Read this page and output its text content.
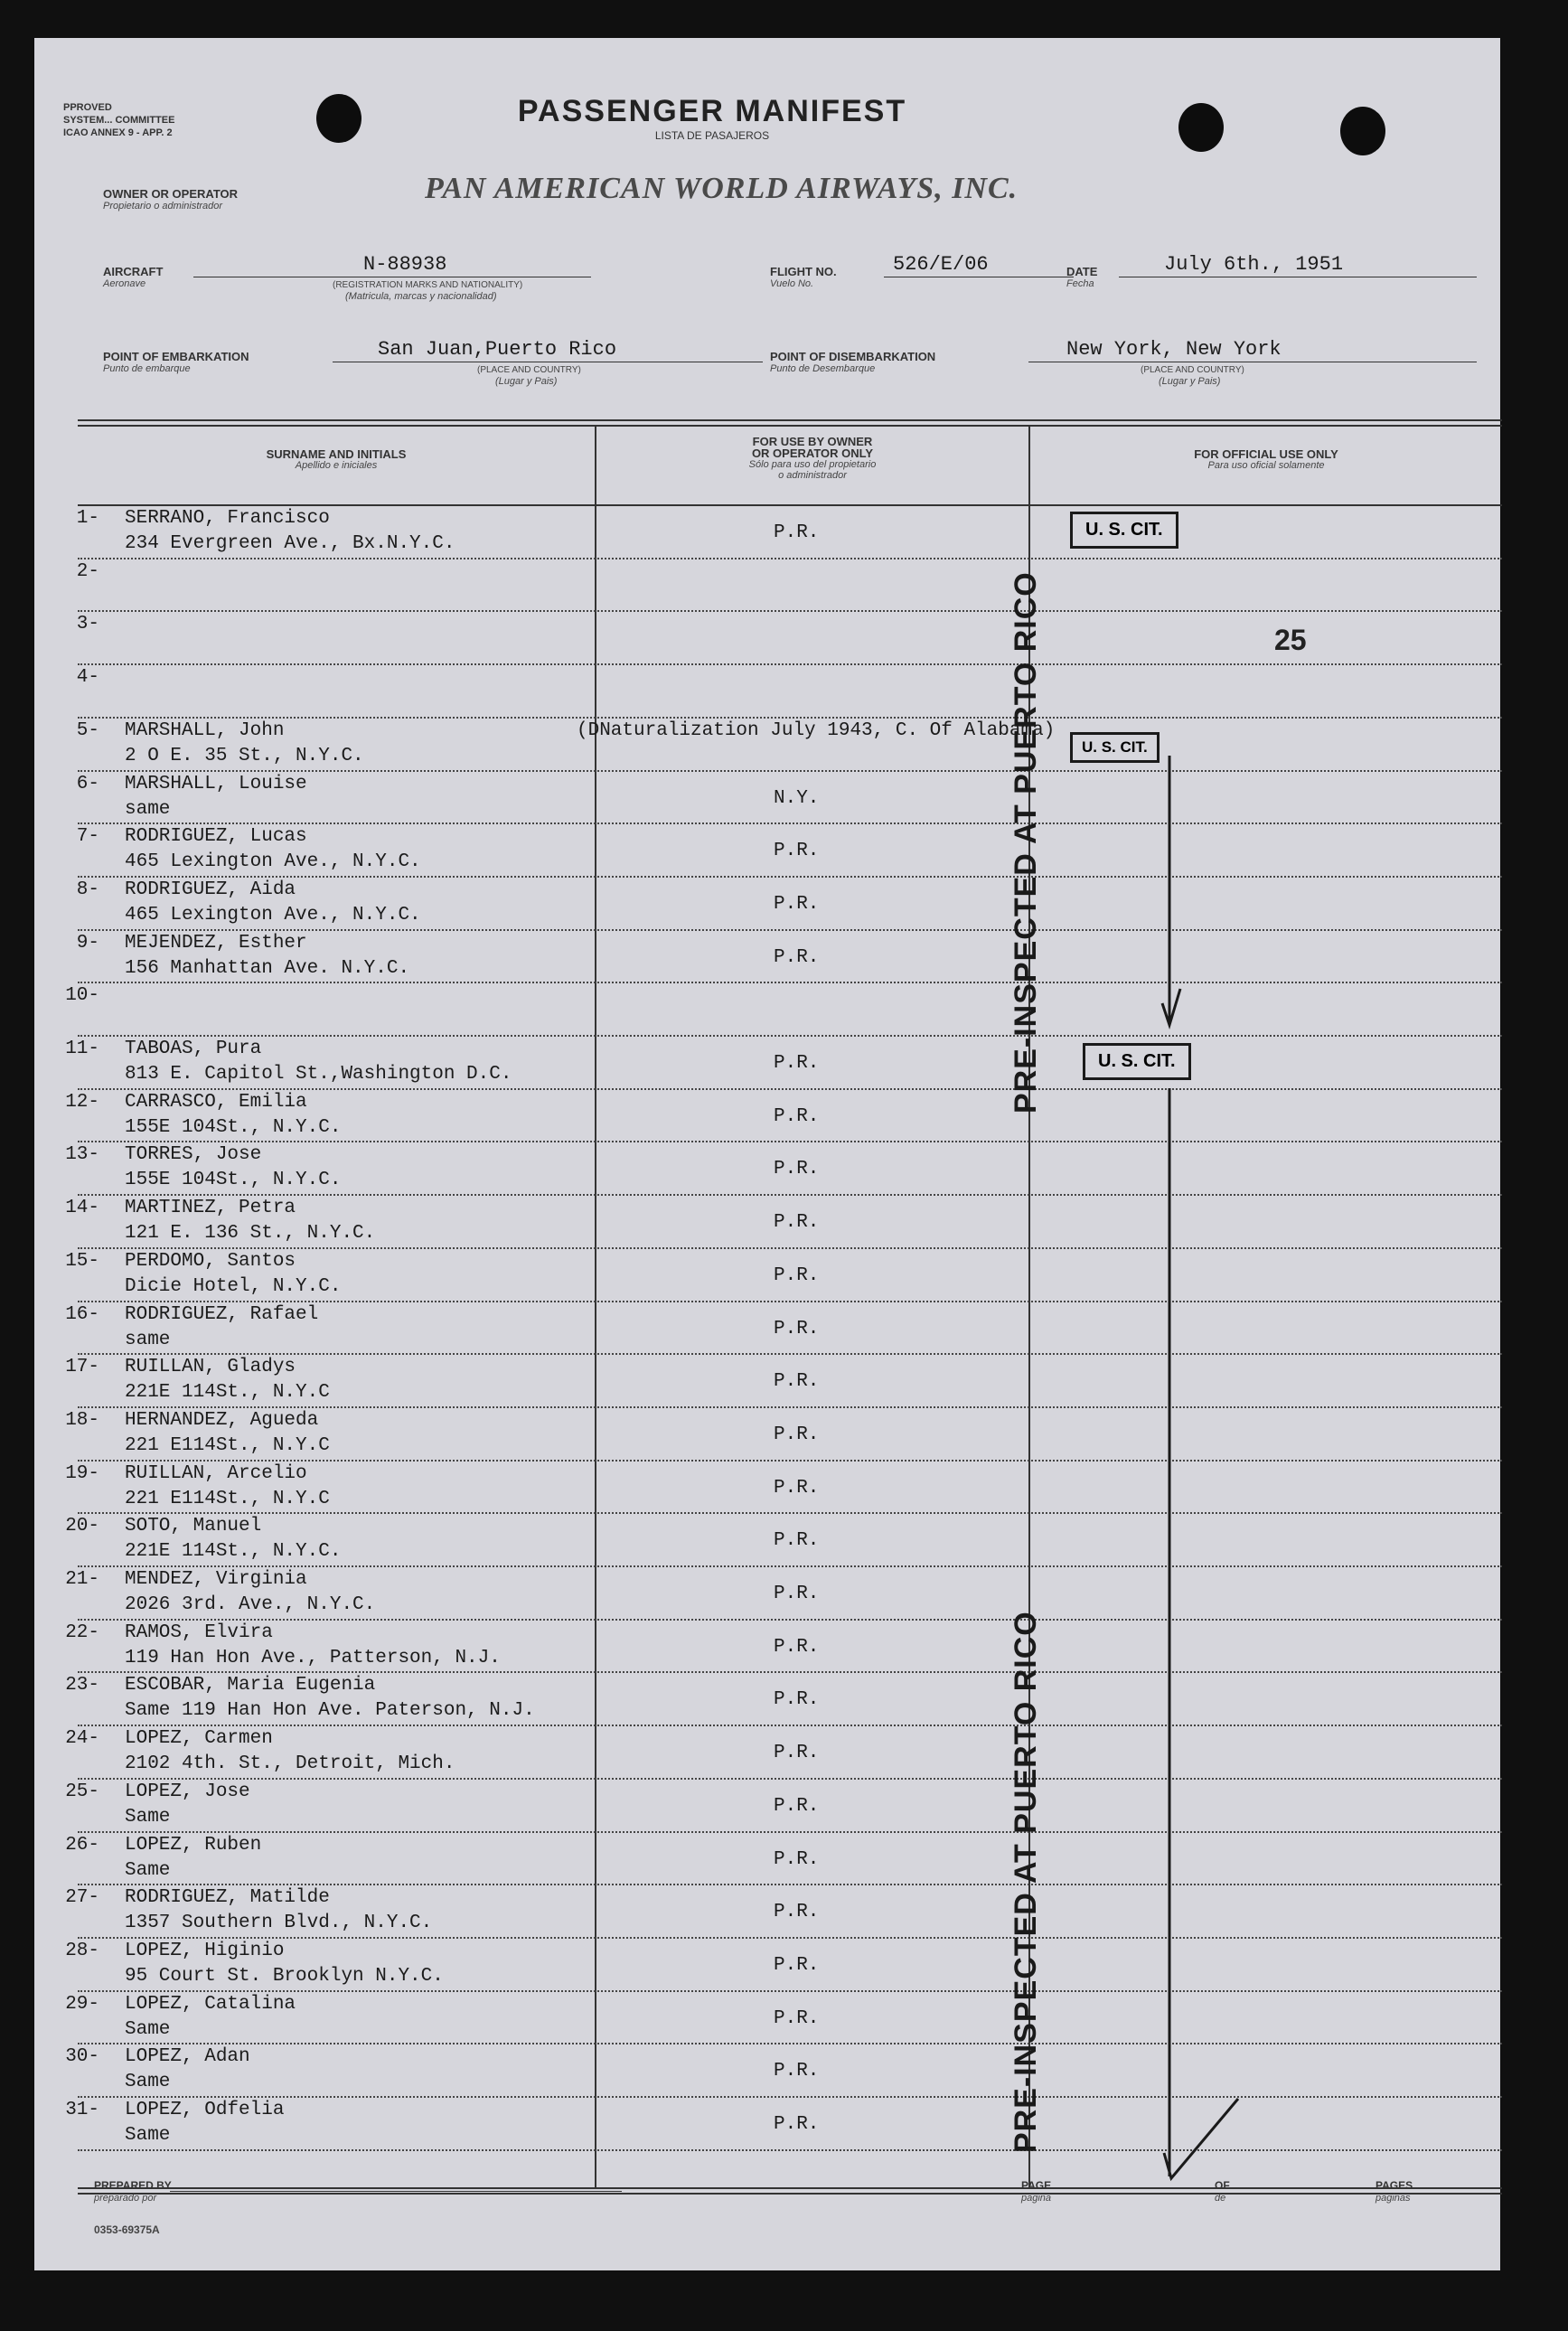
PPROVED
SYSTEM... COMMITTEE
ICAO ANNEX 9 - APP. 2
PASSENGER MANIFEST
LISTA DE PASAJEROS
OWNER OR OPERATOR
Propietario o administrador
PAN AMERICAN WORLD AIRWAYS, INC.
AIRCRAFT
Aeronave
N-88938
(REGISTRATION MARKS AND NATIONALITY)
(Matricula, marcas y nacionalidad)
FLIGHT NO.
Vuelo No.
526/E/06	DATE
Fecha
July 6th., 1951
POINT OF EMBARKATION
Punto de embarque
San Juan,Puerto Rico
(PLACE AND COUNTRY)
(Lugar y Pais)
POINT OF DISEMBARKATION
Punto de Desembarque
New York, New York
(PLACE AND COUNTRY)
(Lugar y Pais)
SURNAME AND INITIALS
Apellido e iniciales
FOR USE BY OWNER
OR OPERATOR ONLY
Sólo para uso del propietario
o administrador
FOR OFFICIAL USE ONLY
Para uso oficial solamente
1- SERRANO, Francisco
234 Evergreen Ave., Bx.N.Y.C.
P.R.
2-
3-
4-
5- MARSHALL, John
2 O E. 35 St., N.Y.C.
(DNaturalization July 1943, C. Of Alabama)
6- MARSHALL, Louise
same
N.Y.
7- RODRIGUEZ, Lucas
465 Lexington Ave., N.Y.C.
P.R.
8- RODRIGUEZ, Aida
465 Lexington Ave., N.Y.C.
P.R.
9- MEJENDEZ, Esther
156 Manhattan Ave. N.Y.C.
P.R.
10-
11- TABOAS, Pura
813 E. Capitol St.,Washington D.C.
P.R.
12- CARRASCO, Emilia
155E 104St., N.Y.C.
P.R.
13- TORRES, Jose
155E 104St., N.Y.C.
P.R.
14- MARTINEZ, Petra
121 E. 136 St., N.Y.C.
P.R.
15- PERDOMO, Santos
Dicie Hotel, N.Y.C.
P.R.
16- RODRIGUEZ, Rafael
same
P.R.
17- RUILLAN, Gladys
221E 114St., N.Y.C
P.R.
18- HERNANDEZ, Agueda
221 E114St., N.Y.C
P.R.
19- RUILLAN, Arcelio
221 E114St., N.Y.C
P.R.
20- SOTO, Manuel
221E 114St., N.Y.C.
P.R.
21- MENDEZ, Virginia
2026 3rd. Ave., N.Y.C.
P.R.
22- RAMOS, Elvira
119 Han Hon Ave., Patterson, N.J.
P.R.
23- ESCOBAR, Maria Eugenia
Same 119 Han Hon Ave. Paterson, N.J.
P.R.
24- LOPEZ, Carmen
2102 4th. St., Detroit, Mich.
P.R.
25- LOPEZ, Jose
Same
P.R.
26- LOPEZ, Ruben
Same
P.R.
27- RODRIGUEZ, Matilde
1357 Southern Blvd., N.Y.C.
P.R.
28- LOPEZ, Higinio
95 Court St. Brooklyn N.Y.C.
P.R.
29- LOPEZ, Catalina
Same
P.R.
30- LOPEZ, Adan
Same
P.R.
31- LOPEZ, Odfelia
Same
P.R.
U. S. CIT.
U. S. CIT.
U. S. CIT.
25
PRE-INSPECTED AT PUERTO RICO
PRE-INSPECTED AT PUERTO RICO
PREPARED BY
preparado por
PAGE
pagina
OF
de
PAGES
paginas
0353-69375A
